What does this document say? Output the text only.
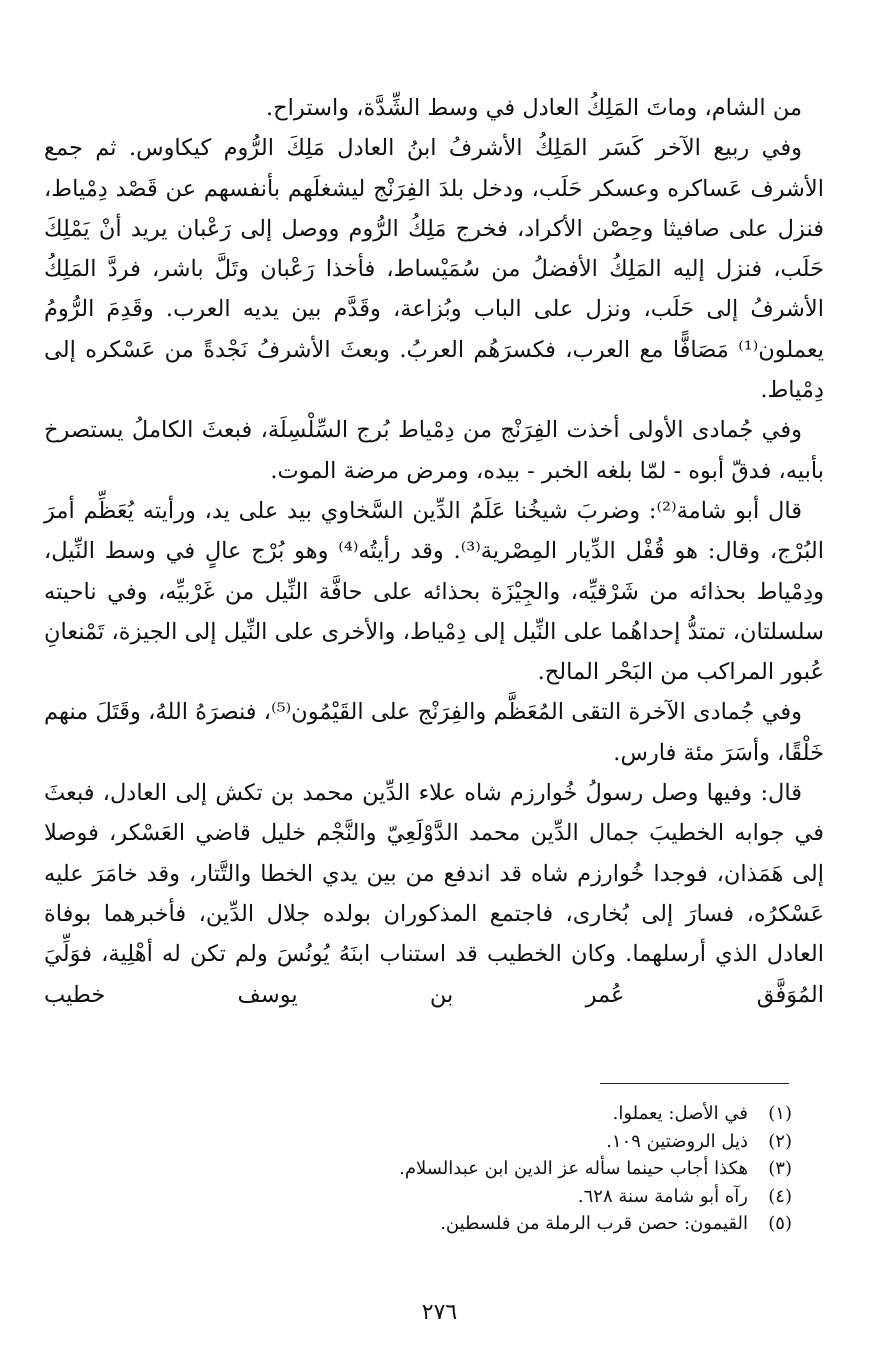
من الشام، وماتَ المَلِكُ العادل في وسط الشِّدَّة، واستراح.

وفي ربيع الآخر كَسَر المَلِكُ الأشرفُ ابنُ العادل مَلِكَ الرُّوم كيكاوس. ثم جمع الأشرف عَساكره وعسكر حَلَب، ودخل بلدَ الفِرَنْج ليشغلَهم بأنفسهم عن قَصْد دِمْياط، فنزل على صافيثا وحِصْن الأكراد، فخرج مَلِكُ الرُّوم ووصل إلى رَعْبان يريد أنْ يَمْلِكَ حَلَب، فنزل إليه المَلِكُ الأفضلُ من سُمَيْساط، فأخذا رَعْبان وتَلَّ باشر، فردَّ المَلِكُ الأشرفُ إلى حَلَب، ونزل على الباب وبُزاعة، وقَدَّم بين يديه العرب. وقَدِمَ الرُّومُ يعملون⁽¹⁾ مَصَافًّا مع العرب، فكسرَهُم العربُ. وبعثَ الأشرفُ نَجْدةً من عَسْكره إلى دِمْياط.

وفي جُمادى الأولى أخذت الفِرَنْج من دِمْياط بُرج السِّلْسِلَة، فبعثَ الكاملُ يستصرخ بأبيه، فدقّ أبوه - لمّا بلغه الخبر - بيده، ومرض مرضة الموت.

قال أبو شامة⁽²⁾: وضربَ شيخُنا عَلَمُ الدِّين السَّخاوي بيد على يد، ورأيته يُعَظِّم أمرَ البُرْج، وقال: هو قُفْل الدِّيار المِصْرية⁽³⁾. وقد رأيتُه⁽⁴⁾ وهو بُرْج عالٍ في وسط النِّيل، ودِمْياط بحذائه من شَرْقيِّه، والجِيْزَة بحذائه على حافَّة النِّيل من غَرْبيِّه، وفي ناحيته سلسلتان، تمتدُّ إحداهُما على النِّيل إلى دِمْياط، والأخرى على النِّيل إلى الجيزة، تَمْنعانِ عُبور المراكب من البَحْر المالح.

وفي جُمادى الآخرة التقى المُعَظَّم والفِرَنْج على القَيْمُون⁽⁵⁾، فنصرَهُ اللهُ، وقَتَلَ منهم خَلْقًا، وأسَرَ مئة فارس.

قال: وفيها وصل رسولُ خُوارزم شاه علاء الدِّين محمد بن تكش إلى العادل، فبعثَ في جوابه الخطيبَ جمال الدِّين محمد الدَّوْلَعِيّ والنَّجْم خليل قاضي العَسْكر، فوصلا إلى هَمَذان، فوجدا خُوارزم شاه قد اندفع من بين يدي الخطا والتَّتار، وقد خامَرَ عليه عَسْكرُه، فسارَ إلى بُخارى، فاجتمع المذكوران بولده جلال الدِّين، فأخبرهما بوفاة العادل الذي أرسلهما. وكان الخطيب قد استناب ابنَهُ يُونُسَ ولم تكن له أهْلِية، فوَلِّيَ المُوَفَّق عُمر بن يوسف خطيب

(١)
في الأصل: يعملوا.
(٢)
ذيل الروضتين ١٠٩.
(٣)
هكذا أجاب حينما سأله عز الدين ابن عبدالسلام.
(٤)
رآه أبو شامة سنة ٦٢٨.
(٥)
القيمون: حصن قرب الرملة من فلسطين.
٢٧٦
